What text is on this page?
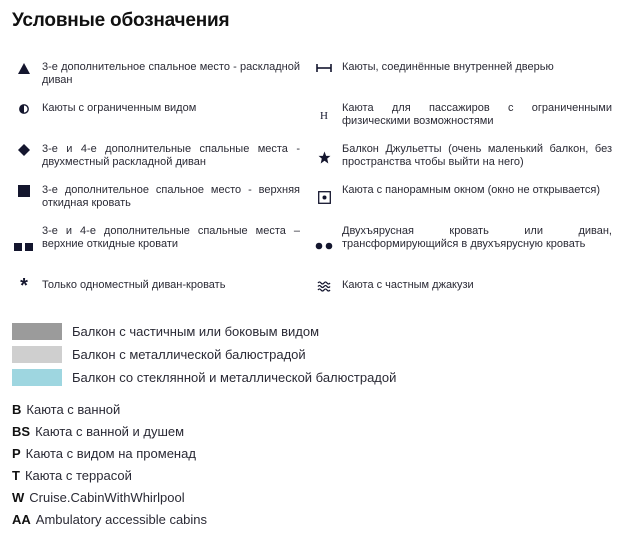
Условные обозначения
3-е дополнительное спальное место - раскладной диван
Каюты с ограниченным видом
3-е и 4-е дополнительные спальные места - двухместный раскладной диван
3-е дополнительное спальное место - верхняя откидная кровать
3-е и 4-е дополнительные спальные места – верхние откидные кровати
*	Только одноместный диван-кровать
Каюты, соединённые внутренней дверью
H
Каюта для пассажиров с ограниченными физическими возможностями
Балкон Джульетты (очень маленький балкон, без пространства чтобы выйти на него)
Каюта с панорамным окном (окно не открывается)
Двухъярусная кровать или диван, трансформирующийся в двухъярусную кровать
Каюта с частным джакузи
Балкон с частичным или боковым видом
Балкон с металлической балюстрадой
Балкон со стеклянной и металлической балюстрадой
B Каюта с ванной
BS Каюта с ванной и душем
P Каюта с видом на променад
T Каюта с террасой
W Cruise.CabinWithWhirlpool
AA Ambulatory accessible cabins
